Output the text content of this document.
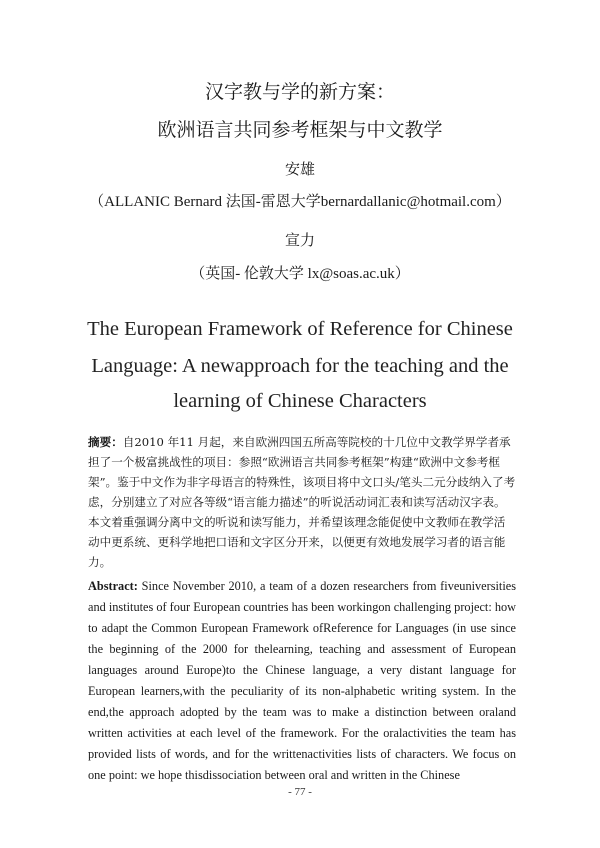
汉字教与学的新方案：
欧洲语言共同参考框架与中文教学
安雄
（ALLANIC Bernard 法国-雷恩大学bernardallanic@hotmail.com）
宣力
（英国- 伦敦大学 lx@soas.ac.uk）
The European Framework of Reference for Chinese
Language: A newapproach for the teaching and the
learning of Chinese Characters

摘要：自2010 年11 月起，来自欧洲四国五所高等院校的十几位中文教学界学者承担了一个极富挑战性的项目：参照“欧洲语言共同参考框架”构建“欧洲中文参考框架”。鉴于中文作为非字母语言的特殊性，该项目将中文口头/笔头二元分歧纳入了考虑，分别建立了对应各等级“语言能力描述”的听说活动词汇表和读写活动汉字表。本文着重强调分离中文的听说和读写能力，并希望该理念能促使中文教师在教学活动中更系统、更科学地把口语和文字区分开来，以便更有效地发展学习者的语言能力。

Abstract: Since November 2010, a team of a dozen researchers from fiveuniversities and institutes of four European countries has been workingon challenging project: how to adapt the Common European Framework ofReference for Languages (in use since the beginning of the 2000 for thelearning, teaching and assessment of European languages around Europe)to the Chinese language, a very distant language for European learners,with the peculiarity of its non-alphabetic writing system. In the end,the approach adopted by the team was to make a distinction between oraland written activities at each level of the framework. For the oralactivities the team has provided lists of words, and for the writtenactivities lists of characters. We focus on one point: we hope thisdissociation between oral and written in the Chinese

- 77 -
